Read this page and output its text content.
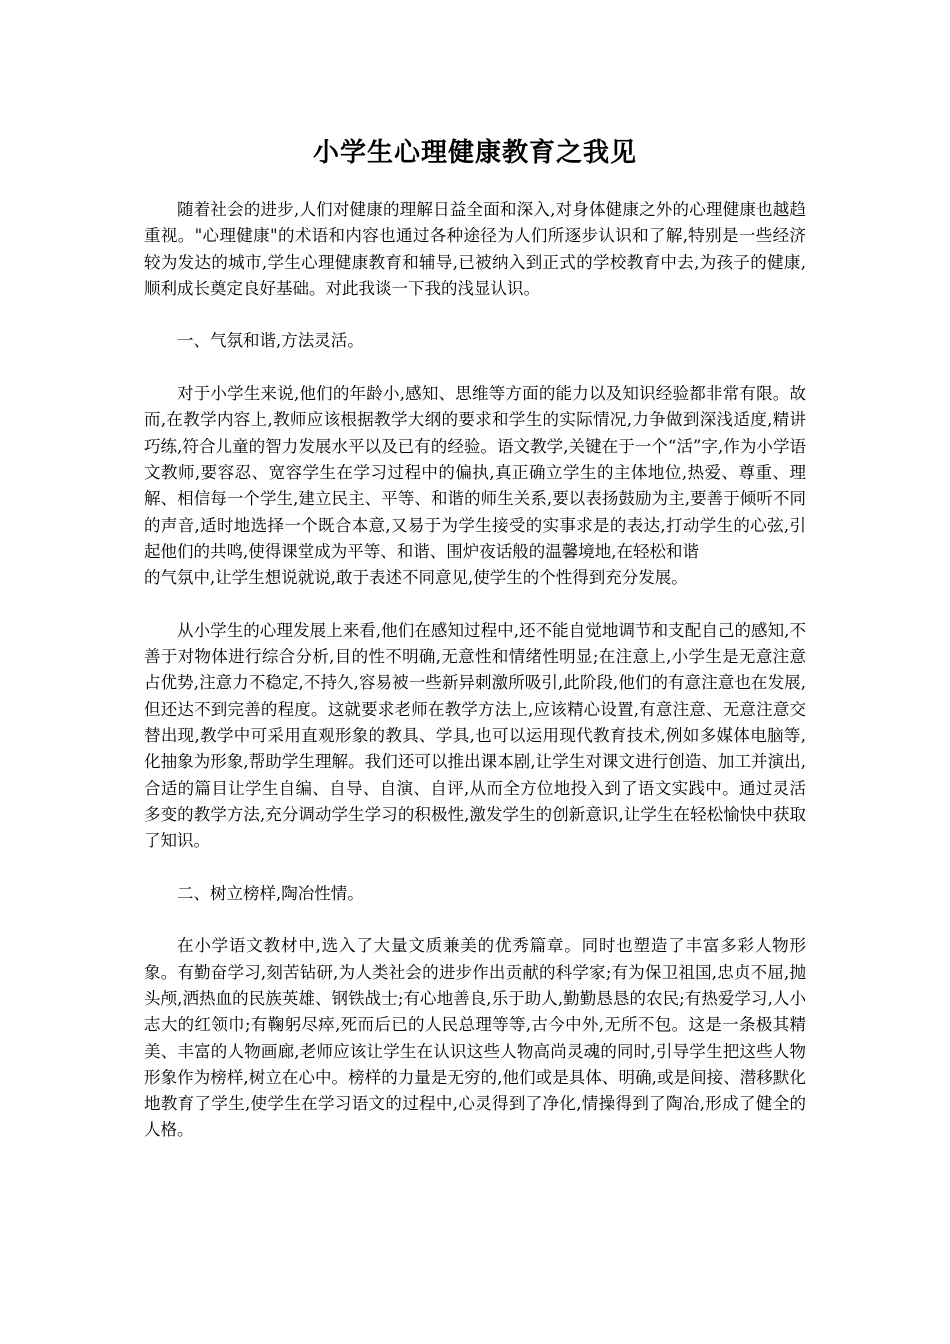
小学生心理健康教育之我见

随着社会的进步,人们对健康的理解日益全面和深入,对身体健康之外的心理健康也越趋重视。"心理健康"的术语和内容也通过各种途径为人们所逐步认识和了解,特别是一些经济较为发达的城市,学生心理健康教育和辅导,已被纳入到正式的学校教育中去,为孩子的健康,顺利成长奠定良好基础。对此我谈一下我的浅显认识。

一、气氛和谐,方法灵活。

对于小学生来说,他们的年龄小,感知、思维等方面的能力以及知识经验都非常有限。故而,在教学内容上,教师应该根据教学大纲的要求和学生的实际情况,力争做到深浅适度,精讲巧练,符合儿童的智力发展水平以及已有的经验。语文教学,关键在于一个“活”字,作为小学语文教师,要容忍、宽容学生在学习过程中的偏执,真正确立学生的主体地位,热爱、尊重、理解、相信每一个学生,建立民主、平等、和谐的师生关系,要以表扬鼓励为主,要善于倾听不同的声音,适时地选择一个既合本意,又易于为学生接受的实事求是的表达,打动学生的心弦,引起他们的共鸣,使得课堂成为平等、和谐、围炉夜话般的温馨境地,在轻松和谐

的气氛中,让学生想说就说,敢于表述不同意见,使学生的个性得到充分发展。

从小学生的心理发展上来看,他们在感知过程中,还不能自觉地调节和支配自己的感知,不善于对物体进行综合分析,目的性不明确,无意性和情绪性明显;在注意上,小学生是无意注意占优势,注意力不稳定,不持久,容易被一些新异刺激所吸引,此阶段,他们的有意注意也在发展,但还达不到完善的程度。这就要求老师在教学方法上,应该精心设置,有意注意、无意注意交替出现,教学中可采用直观形象的教具、学具,也可以运用现代教育技术,例如多媒体电脑等,化抽象为形象,帮助学生理解。我们还可以推出课本剧,让学生对课文进行创造、加工并演出,合适的篇目让学生自编、自导、自演、自评,从而全方位地投入到了语文实践中。通过灵活多变的教学方法,充分调动学生学习的积极性,激发学生的创新意识,让学生在轻松愉快中获取了知识。

二、树立榜样,陶冶性情。

在小学语文教材中,选入了大量文质兼美的优秀篇章。同时也塑造了丰富多彩人物形象。有勤奋学习,刻苦钻研,为人类社会的进步作出贡献的科学家;有为保卫祖国,忠贞不屈,抛头颅,洒热血的民族英雄、钢铁战士;有心地善良,乐于助人,勤勤恳恳的农民;有热爱学习,人小志大的红领巾;有鞠躬尽瘁,死而后已的人民总理等等,古今中外,无所不包。这是一条极其精美、丰富的人物画廊,老师应该让学生在认识这些人物高尚灵魂的同时,引导学生把这些人物形象作为榜样,树立在心中。榜样的力量是无穷的,他们或是具体、明确,或是间接、潜移默化地教育了学生,使学生在学习语文的过程中,心灵得到了净化,情操得到了陶冶,形成了健全的人格。
